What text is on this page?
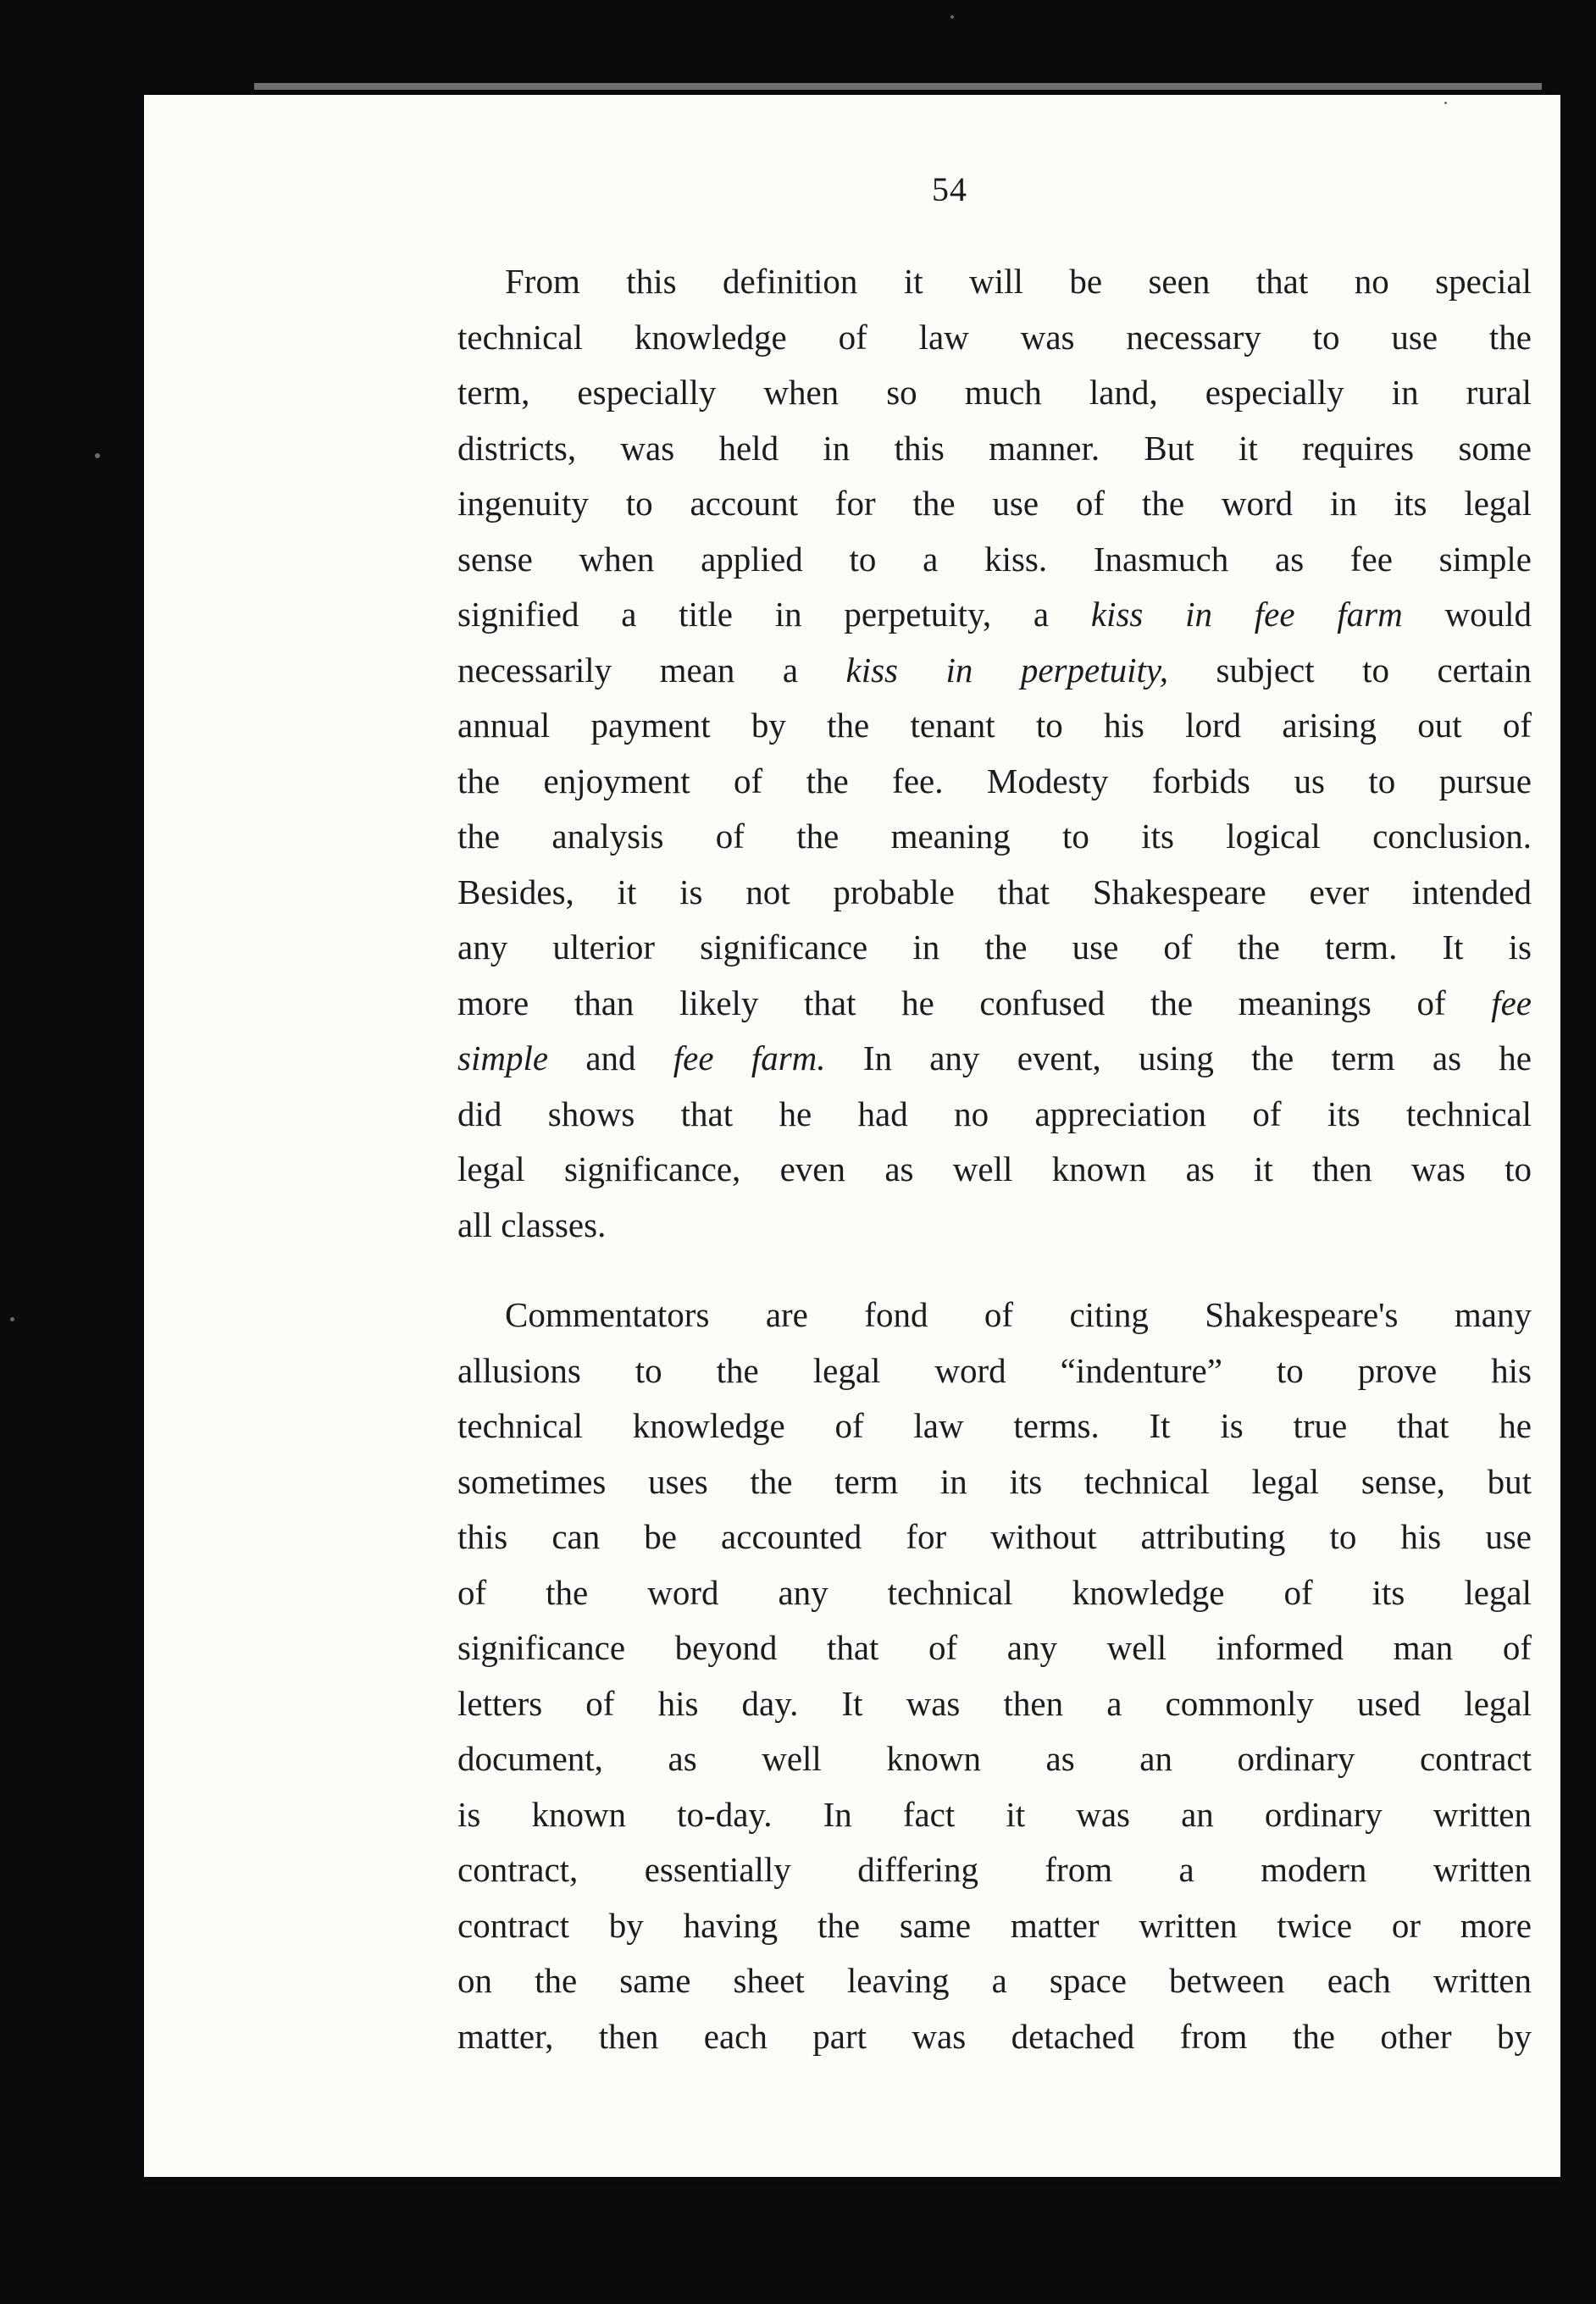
54
From this definition it will be seen that no special
technical knowledge of law was necessary to use the
term, especially when so much land, especially in rural
districts, was held in this manner. But it requires some
ingenuity to account for the use of the word in its legal
sense when applied to a kiss. Inasmuch as fee simple
signified a title in perpetuity, a kiss in fee farm would
necessarily mean a kiss in perpetuity, subject to certain
annual payment by the tenant to his lord arising out of
the enjoyment of the fee. Modesty forbids us to pursue
the analysis of the meaning to its logical conclusion.
Besides, it is not probable that Shakespeare ever intended
any ulterior significance in the use of the term. It is
more than likely that he confused the meanings of fee
simple and fee farm. In any event, using the term as he
did shows that he had no appreciation of its technical
legal significance, even as well known as it then was to
all classes.
Commentators are fond of citing Shakespeare's many
allusions to the legal word “indenture” to prove his
technical knowledge of law terms. It is true that he
sometimes uses the term in its technical legal sense, but
this can be accounted for without attributing to his use
of the word any technical knowledge of its legal
significance beyond that of any well informed man of
letters of his day. It was then a commonly used legal
document, as well known as an ordinary contract
is known to-day. In fact it was an ordinary written
contract, essentially differing from a modern written
contract by having the same matter written twice or more
on the same sheet leaving a space between each written
matter, then each part was detached from the other by
